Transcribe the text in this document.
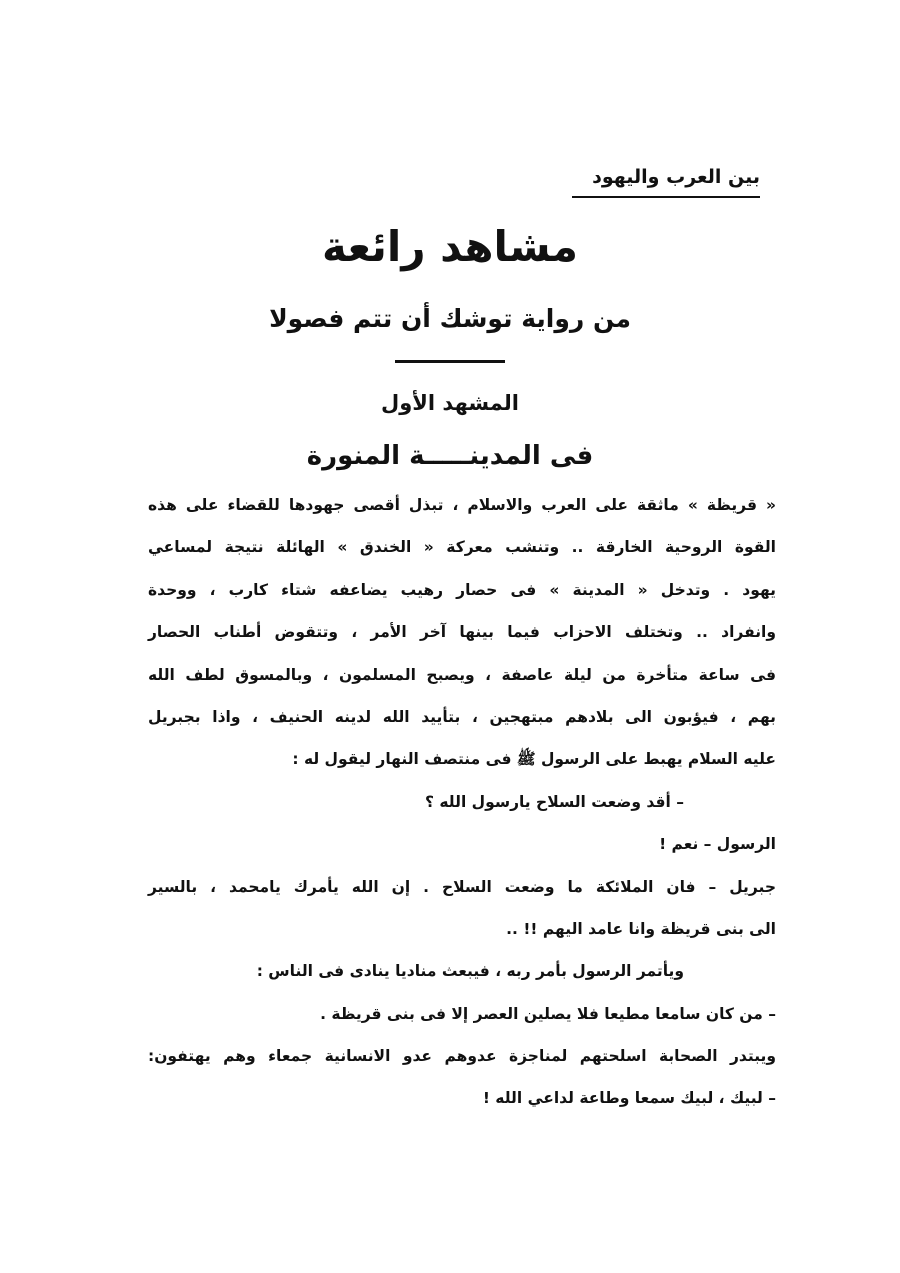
بين العرب واليهود
مشاهد رائعة
من رواية توشك أن تتم فصولا
المشهد الأول
فى المدينـــــة المنورة
« قريظة » ماثقة على العرب والاسلام ، تبذل أقصى جهودها للقضاء على هذه
القوة الروحية الخارقة .. وتنشب معركة « الخندق » الهائلة نتيجة لمساعي
يهود . وتدخل « المدينة » فى حصار رهيب يضاعفه شتاء كارب ، ووحدة
وانفراد .. وتختلف الاحزاب فيما بينها آخر الأمر ، وتتقوض أطناب الحصار
فى ساعة متأخرة من ليلة عاصفة ، ويصبح المسلمون ، وبالمسوق لطف الله
بهم ، فيؤبون الى بلادهم مبتهجين ، بتأييد الله لدينه الحنيف ، واذا بجبريل
عليه السلام يهبط على الرسول ﷺ فى منتصف النهار ليقول له :
– أقد وضعت السلاح يارسول الله ؟
الرسول – نعم !
جبريل – فان الملائكة ما وضعت السلاح . إن الله يأمرك يامحمد ، بالسير
الى بنى قريظة وانا عامد اليهم !! ..
ويأتمر الرسول بأمر ربه ، فيبعث مناديا ينادى فى الناس :
– من كان سامعا مطيعا فلا يصلين العصر إلا فى بنى قريظة .
ويبتدر الصحابة اسلحتهم لمناجزة عدوهم عدو الانسانية جمعاء وهم يهتفون:
– لبيك ، لبيك سمعا وطاعة لداعي الله !
